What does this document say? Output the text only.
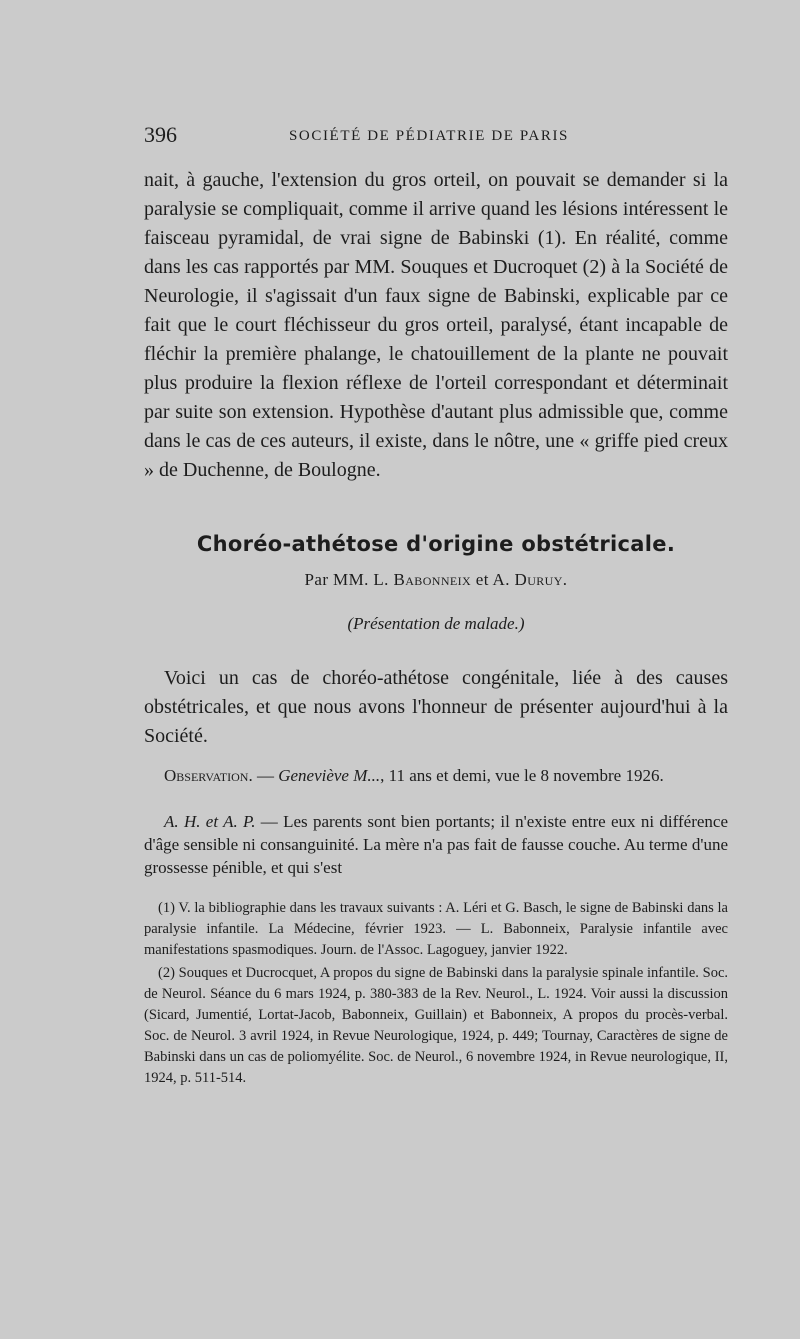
396	SOCIÉTÉ DE PÉDIATRIE DE PARIS

nait, à gauche, l'extension du gros orteil, on pouvait se demander si la paralysie se compliquait, comme il arrive quand les lésions intéressent le faisceau pyramidal, de vrai signe de Babinski (1). En réalité, comme dans les cas rapportés par MM. Souques et Ducroquet (2) à la Société de Neurologie, il s'agissait d'un faux signe de Babinski, explicable par ce fait que le court fléchisseur du gros orteil, paralysé, étant incapable de fléchir la première phalange, le chatouillement de la plante ne pouvait plus produire la flexion réflexe de l'orteil correspondant et déterminait par suite son extension. Hypothèse d'autant plus admissible que, comme dans le cas de ces auteurs, il existe, dans le nôtre, une « griffe pied creux » de Duchenne, de Boulogne.

Choréo-athétose d'origine obstétricale.

Par MM. L. Babonneix et A. Duruy.

(Présentation de malade.)

Voici un cas de choréo-athétose congénitale, liée à des causes obstétricales, et que nous avons l'honneur de présenter aujourd'hui à la Société.

Observation. — Geneviève M..., 11 ans et demi, vue le 8 novembre 1926.

A. H. et A. P. — Les parents sont bien portants; il n'existe entre eux ni différence d'âge sensible ni consanguinité. La mère n'a pas fait de fausse couche. Au terme d'une grossesse pénible, et qui s'est

(1) V. la bibliographie dans les travaux suivants : A. Léri et G. Basch, le signe de Babinski dans la paralysie infantile. La Médecine, février 1923. — L. Babonneix, Paralysie infantile avec manifestations spasmodiques. Journ. de l'Assoc. Lagoguey, janvier 1922.

(2) Souques et Ducrocquet, A propos du signe de Babinski dans la paralysie spinale infantile. Soc. de Neurol. Séance du 6 mars 1924, p. 380-383 de la Rev. Neurol., L. 1924. Voir aussi la discussion (Sicard, Jumentié, Lortat-Jacob, Babonneix, Guillain) et Babonneix, A propos du procès-verbal. Soc. de Neurol. 3 avril 1924, in Revue Neurologique, 1924, p. 449; Tournay, Caractères de signe de Babinski dans un cas de poliomyélite. Soc. de Neurol., 6 novembre 1924, in Revue neurologique, II, 1924, p. 511-514.
